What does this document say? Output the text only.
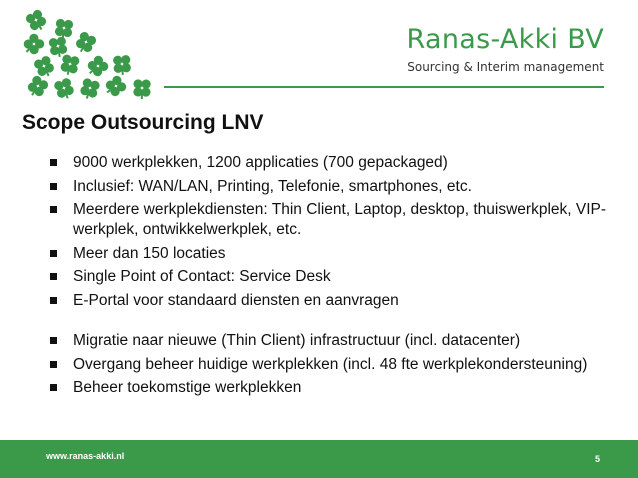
Ranas-Akki BV
Sourcing & Interim management
Scope Outsourcing LNV
9000 werkplekken, 1200 applicaties (700 gepackaged)
Inclusief: WAN/LAN, Printing, Telefonie, smartphones, etc.
Meerdere werkplekdiensten: Thin Client, Laptop, desktop, thuiswerkplek, VIP-werkplek, ontwikkelwerkplek, etc.
Meer dan 150 locaties
Single Point of Contact: Service Desk
E-Portal voor standaard diensten en aanvragen
Migratie naar nieuwe (Thin Client) infrastructuur (incl. datacenter)
Overgang beheer huidige werkplekken (incl. 48 fte werkplekondersteuning)
Beheer toekomstige werkplekken
www.ranas-akki.nl	5
